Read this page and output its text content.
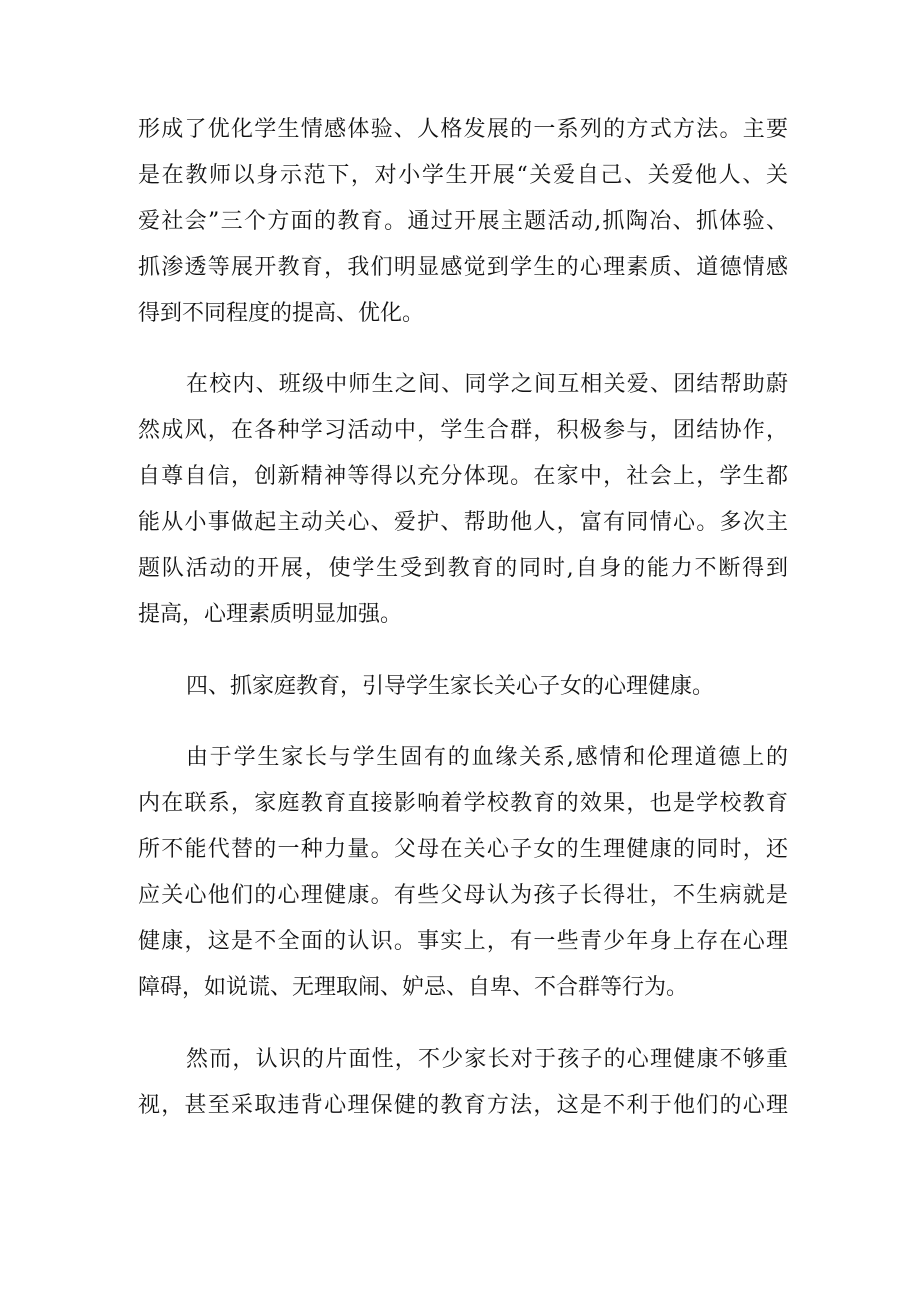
形成了优化学生情感体验、人格发展的一系列的方式方法。主要
是在教师以身示范下，对小学生开展“关爱自己、关爱他人、关
爱社会”三个方面的教育。通过开展主题活动,抓陶冶、抓体验、
抓渗透等展开教育，我们明显感觉到学生的心理素质、道德情感
得到不同程度的提高、优化。

在校内、班级中师生之间、同学之间互相关爱、团结帮助蔚
然成风，在各种学习活动中，学生合群，积极参与，团结协作，
自尊自信，创新精神等得以充分体现。在家中，社会上，学生都
能从小事做起主动关心、爱护、帮助他人，富有同情心。多次主
题队活动的开展，使学生受到教育的同时,自身的能力不断得到
提高，心理素质明显加强。

四、抓家庭教育，引导学生家长关心子女的心理健康。

由于学生家长与学生固有的血缘关系,感情和伦理道德上的
内在联系，家庭教育直接影响着学校教育的效果，也是学校教育
所不能代替的一种力量。父母在关心子女的生理健康的同时，还
应关心他们的心理健康。有些父母认为孩子长得壮，不生病就是
健康，这是不全面的认识。事实上，有一些青少年身上存在心理
障碍，如说谎、无理取闹、妒忌、自卑、不合群等行为。

然而，认识的片面性，不少家长对于孩子的心理健康不够重
视，甚至采取违背心理保健的教育方法，这是不利于他们的心理
